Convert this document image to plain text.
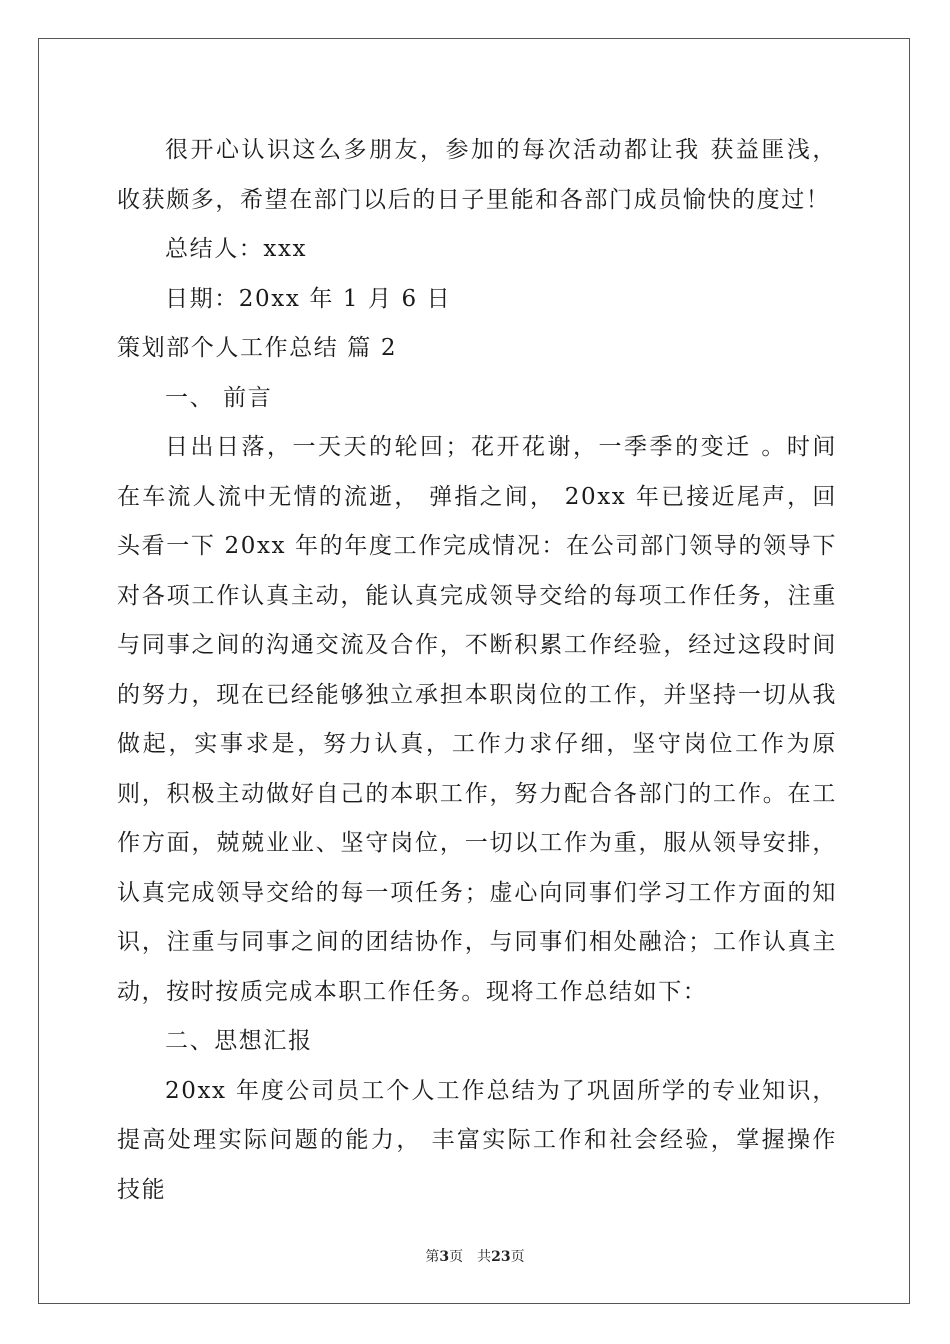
很开心认识这么多朋友，参加的每次活动都让我 获益匪浅，收获颇多，希望在部门以后的日子里能和各部门成员愉快的度过！

总结人：xxx

日期：20xx 年 1 月 6 日

策划部个人工作总结 篇 2

一、 前言

日出日落，一天天的轮回；花开花谢，一季季的变迁 。时间在车流人流中无情的流逝， 弹指之间， 20xx 年已接近尾声，回头看一下 20xx 年的年度工作完成情况：在公司部门领导的领导下对各项工作认真主动，能认真完成领导交给的每项工作任务，注重与同事之间的沟通交流及合作，不断积累工作经验，经过这段时间的努力，现在已经能够独立承担本职岗位的工作，并坚持一切从我做起，实事求是，努力认真，工作力求仔细，坚守岗位工作为原则，积极主动做好自己的本职工作，努力配合各部门的工作。在工作方面，兢兢业业、坚守岗位，一切以工作为重，服从领导安排，认真完成领导交给的每一项任务；虚心向同事们学习工作方面的知识，注重与同事之间的团结协作，与同事们相处融洽；工作认真主动，按时按质完成本职工作任务。现将工作总结如下：

二、思想汇报

20xx 年度公司员工个人工作总结为了巩固所学的专业知识，提高处理实际问题的能力， 丰富实际工作和社会经验，掌握操作技能

第3页　共23页
